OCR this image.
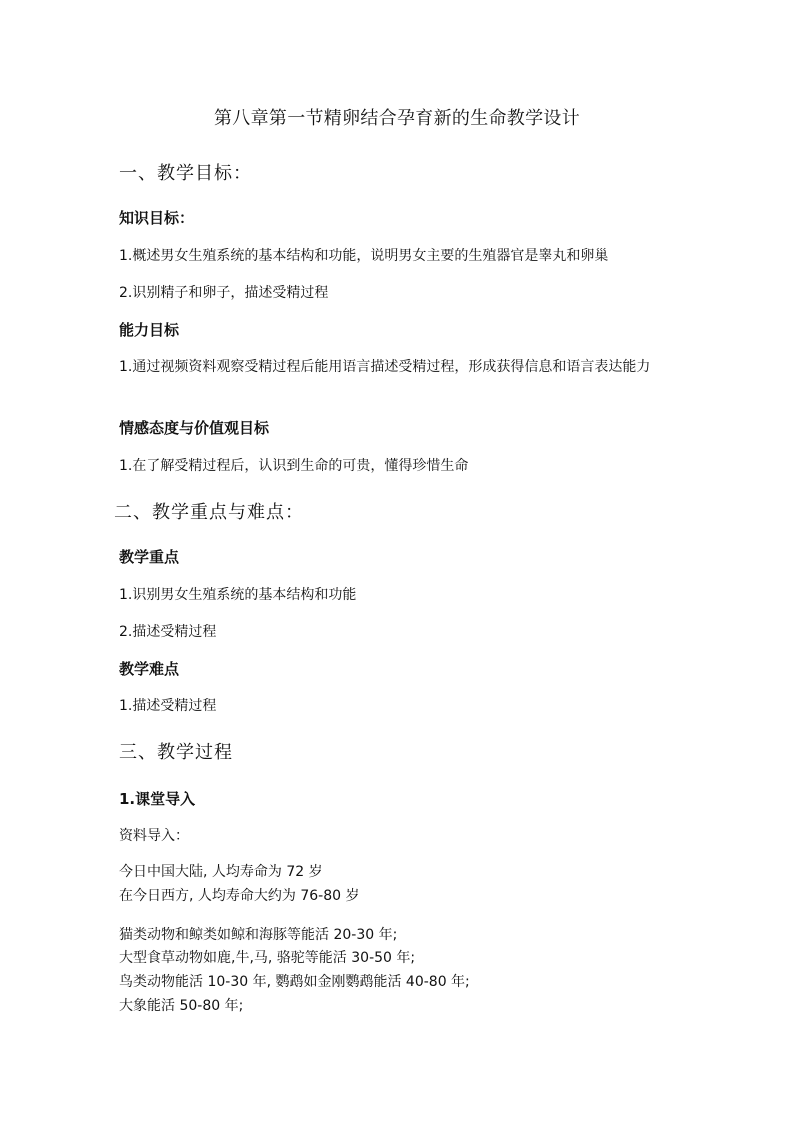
第八章第一节精卵结合孕育新的生命教学设计

一、教学目标：

知识目标：

1.概述男女生殖系统的基本结构和功能，说明男女主要的生殖器官是睾丸和卵巢

2.识别精子和卵子，描述受精过程

能力目标

1.通过视频资料观察受精过程后能用语言描述受精过程，形成获得信息和语言表达能力

情感态度与价值观目标

1.在了解受精过程后，认识到生命的可贵，懂得珍惜生命

二、教学重点与难点：

教学重点

1.识别男女生殖系统的基本结构和功能

2.描述受精过程

教学难点

1.描述受精过程

三、教学过程

1.课堂导入

资料导入：

今日中国大陆, 人均寿命为 72 岁

在今日西方, 人均寿命大约为 76-80 岁

猫类动物和鲸类如鲸和海豚等能活 20-30 年;

大型食草动物如鹿,牛,马, 骆驼等能活 30-50 年;

鸟类动物能活 10-30 年, 鹦鹉如金刚鹦鹉能活 40-80 年;

大象能活 50-80 年;
